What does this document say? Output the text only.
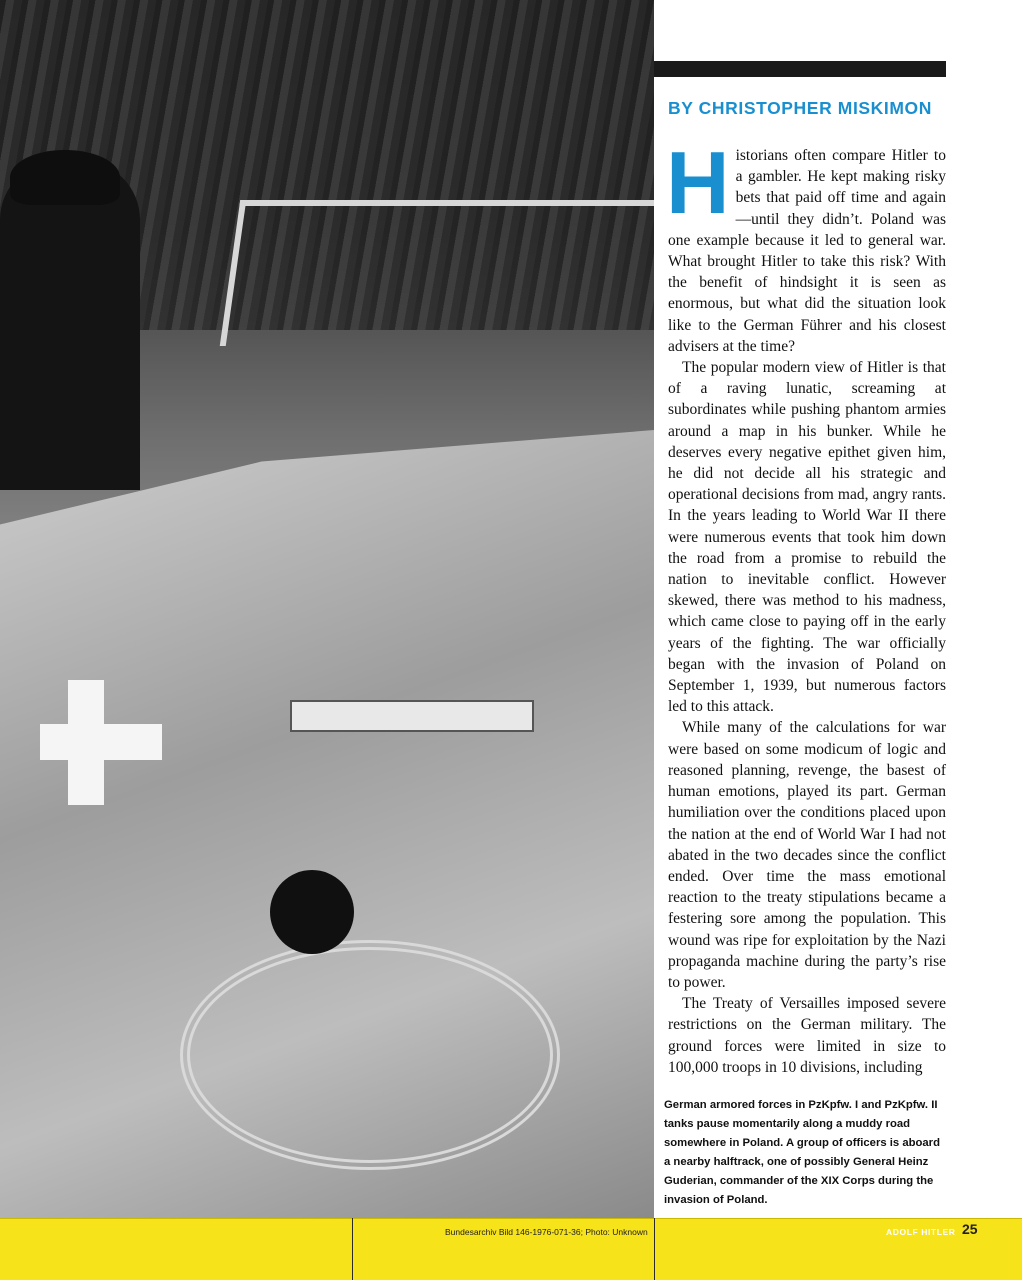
BY CHRISTOPHER MISKIMON

Historians often compare Hitler to a gambler. He kept making risky bets that paid off time and again—until they didn’t. Poland was one example because it led to general war. What brought Hitler to take this risk? With the benefit of hindsight it is seen as enormous, but what did the situation look like to the German Führer and his closest advisers at the time?

The popular modern view of Hitler is that of a raving lunatic, screaming at subordinates while pushing phantom armies around a map in his bunker. While he deserves every negative epithet given him, he did not decide all his strategic and operational decisions from mad, angry rants. In the years leading to World War II there were numerous events that took him down the road from a promise to rebuild the nation to inevitable conflict. However skewed, there was method to his madness, which came close to paying off in the early years of the fighting. The war officially began with the invasion of Poland on September 1, 1939, but numerous factors led to this attack.

While many of the calculations for war were based on some modicum of logic and reasoned planning, revenge, the basest of human emotions, played its part. German humiliation over the conditions placed upon the nation at the end of World War I had not abated in the two decades since the conflict ended. Over time the mass emotional reaction to the treaty stipulations became a festering sore among the population. This wound was ripe for exploitation by the Nazi propaganda machine during the party’s rise to power.

The Treaty of Versailles imposed severe restrictions on the German military. The ground forces were limited in size to 100,000 troops in 10 divisions, including

German armored forces in PzKpfw. I and PzKpfw. II tanks pause momentarily along a muddy road somewhere in Poland. A group of officers is aboard a nearby halftrack, one of possibly General Heinz Guderian, commander of the XIX Corps during the invasion of Poland.
Bundesarchiv Bild 146-1976-071-36; Photo: Unknown	ADOLF HITLER 25
